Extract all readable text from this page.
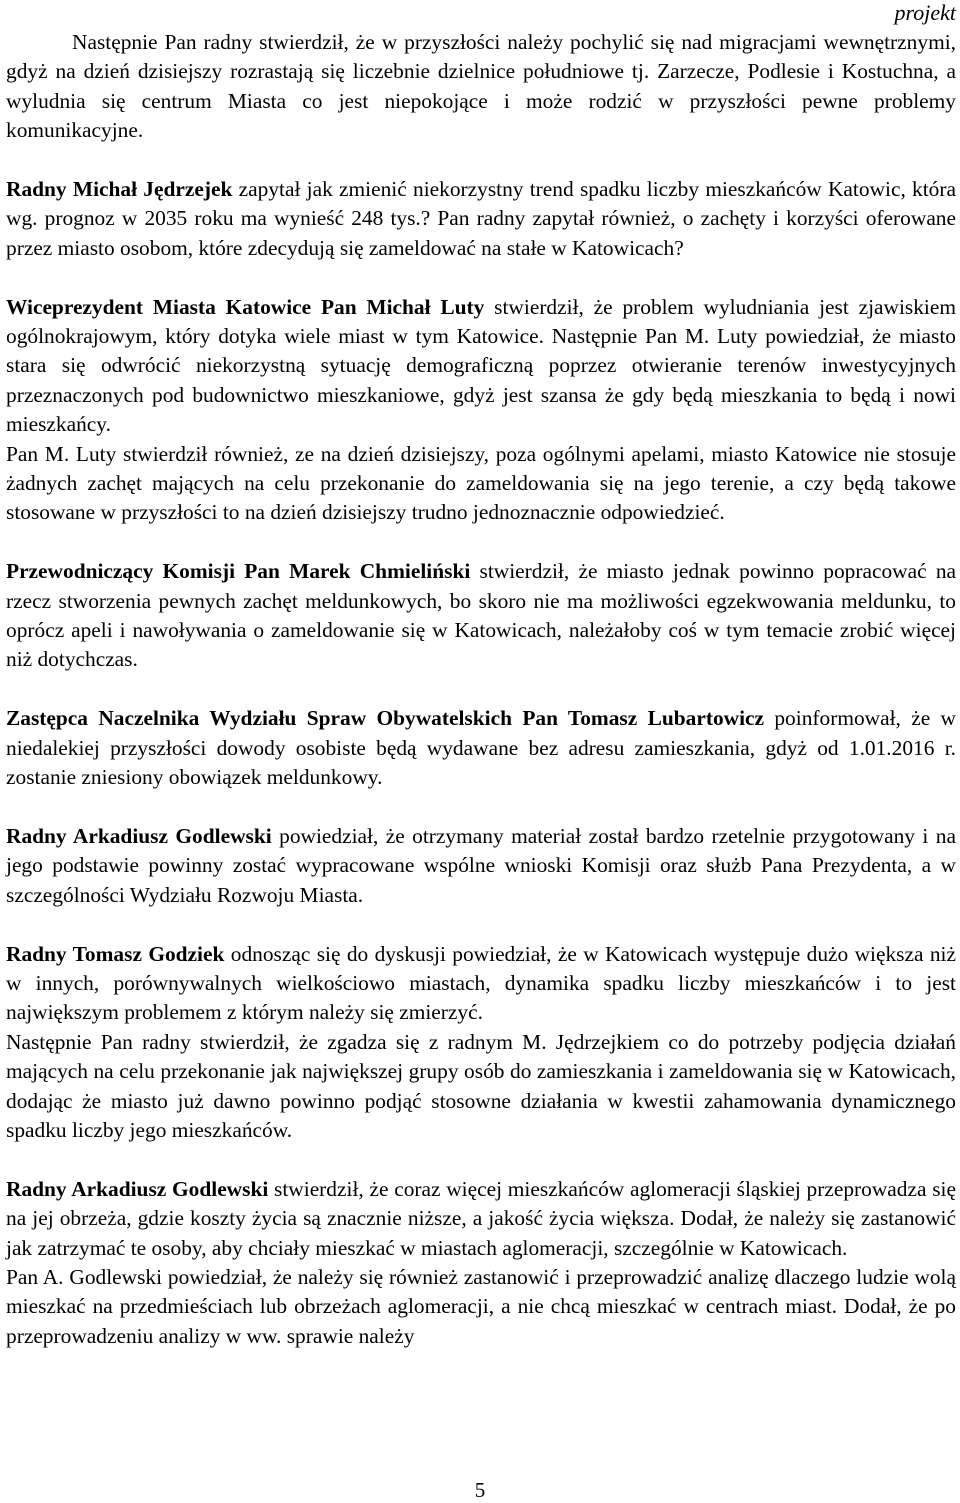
projekt

Następnie Pan radny stwierdził, że w przyszłości należy pochylić się nad migracjami wewnętrznymi, gdyż na dzień dzisiejszy rozrastają się liczebnie dzielnice południowe tj. Zarzecze, Podlesie i Kostuchna, a wyludnia się centrum Miasta co jest niepokojące i może rodzić w przyszłości pewne problemy komunikacyjne.

Radny Michał Jędrzejek zapytał jak zmienić niekorzystny trend spadku liczby mieszkańców Katowic, która wg. prognoz w 2035 roku ma wynieść 248 tys.? Pan radny zapytał również, o zachęty i korzyści oferowane przez miasto osobom, które zdecydują się zameldować na stałe w Katowicach?

Wiceprezydent Miasta Katowice Pan Michał Luty stwierdził, że problem wyludniania jest zjawiskiem ogólnokrajowym, który dotyka wiele miast w tym Katowice. Następnie Pan M. Luty powiedział, że miasto stara się odwrócić niekorzystną sytuację demograficzną poprzez otwieranie terenów inwestycyjnych przeznaczonych pod budownictwo mieszkaniowe, gdyż jest szansa że gdy będą mieszkania to będą i nowi mieszkańcy.

Pan M. Luty stwierdził również, ze na dzień dzisiejszy, poza ogólnymi apelami, miasto Katowice nie stosuje żadnych zachęt mających na celu przekonanie do zameldowania się na jego terenie, a czy będą takowe stosowane w przyszłości to na dzień dzisiejszy trudno jednoznacznie odpowiedzieć.

Przewodniczący Komisji Pan Marek Chmieliński stwierdził, że miasto jednak powinno popracować na rzecz stworzenia pewnych zachęt meldunkowych, bo skoro nie ma możliwości egzekwowania meldunku, to oprócz apeli i nawoływania o zameldowanie się w Katowicach, należałoby coś w tym temacie zrobić więcej niż dotychczas.

Zastępca Naczelnika Wydziału Spraw Obywatelskich Pan Tomasz Lubartowicz poinformował, że w niedalekiej przyszłości dowody osobiste będą wydawane bez adresu zamieszkania, gdyż od 1.01.2016 r. zostanie zniesiony obowiązek meldunkowy.

Radny Arkadiusz Godlewski powiedział, że otrzymany materiał został bardzo rzetelnie przygotowany i na jego podstawie powinny zostać wypracowane wspólne wnioski Komisji oraz służb Pana Prezydenta, a w szczególności Wydziału Rozwoju Miasta.

Radny Tomasz Godziek odnosząc się do dyskusji powiedział, że w Katowicach występuje dużo większa niż w innych, porównywalnych wielkościowo miastach, dynamika spadku liczby mieszkańców i to jest największym problemem z którym należy się zmierzyć.

Następnie Pan radny stwierdził, że zgadza się z radnym M. Jędrzejkiem co do potrzeby podjęcia działań mających na celu przekonanie jak największej grupy osób do zamieszkania i zameldowania się w Katowicach, dodając że miasto już dawno powinno podjąć stosowne działania w kwestii zahamowania dynamicznego spadku liczby jego mieszkańców.

Radny Arkadiusz Godlewski stwierdził, że coraz więcej mieszkańców aglomeracji śląskiej przeprowadza się na jej obrzeża, gdzie koszty życia są znacznie niższe, a jakość życia większa. Dodał, że należy się zastanowić jak zatrzymać te osoby, aby chciały mieszkać w miastach aglomeracji, szczególnie w Katowicach.

Pan A. Godlewski powiedział, że należy się również zastanowić i przeprowadzić analizę dlaczego ludzie wolą mieszkać na przedmieściach lub obrzeżach aglomeracji, a nie chcą mieszkać w centrach miast. Dodał, że po przeprowadzeniu analizy w ww. sprawie należy

5
